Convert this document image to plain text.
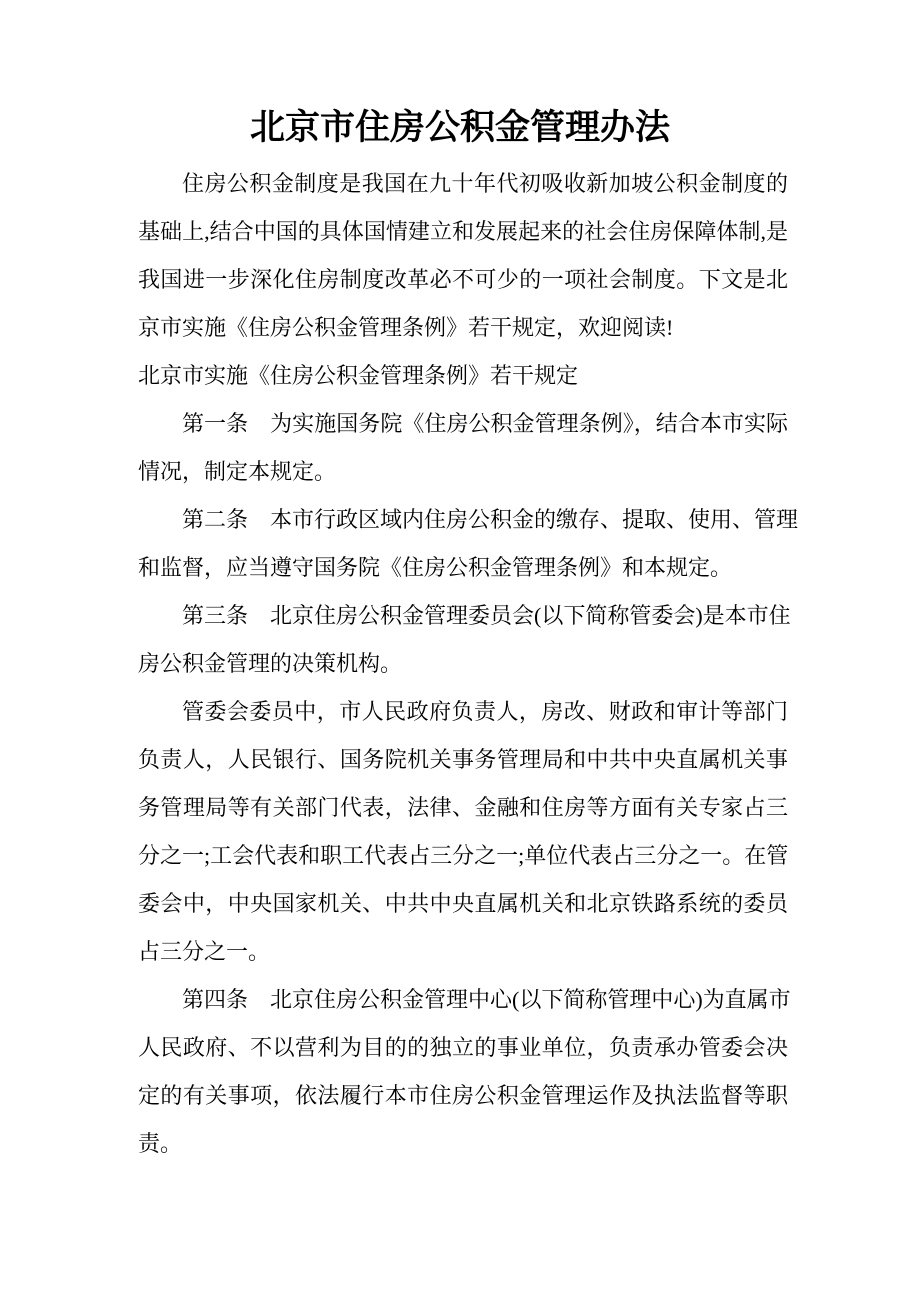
北京市住房公积金管理办法
住房公积金制度是我国在九十年代初吸收新加坡公积金制度的
基础上,结合中国的具体国情建立和发展起来的社会住房保障体制,是
我国进一步深化住房制度改革必不可少的一项社会制度。下文是北
京市实施《住房公积金管理条例》若干规定，欢迎阅读!
北京市实施《住房公积金管理条例》若干规定
第一条　为实施国务院《住房公积金管理条例》，结合本市实际
情况，制定本规定。
第二条　本市行政区域内住房公积金的缴存、提取、使用、管理
和监督，应当遵守国务院《住房公积金管理条例》和本规定。
第三条　北京住房公积金管理委员会(以下简称管委会)是本市住
房公积金管理的决策机构。
管委会委员中，市人民政府负责人，房改、财政和审计等部门
负责人，人民银行、国务院机关事务管理局和中共中央直属机关事
务管理局等有关部门代表，法律、金融和住房等方面有关专家占三
分之一;工会代表和职工代表占三分之一;单位代表占三分之一。在管
委会中，中央国家机关、中共中央直属机关和北京铁路系统的委员
占三分之一。
第四条　北京住房公积金管理中心(以下简称管理中心)为直属市
人民政府、不以营利为目的的独立的事业单位，负责承办管委会决
定的有关事项，依法履行本市住房公积金管理运作及执法监督等职
责。
